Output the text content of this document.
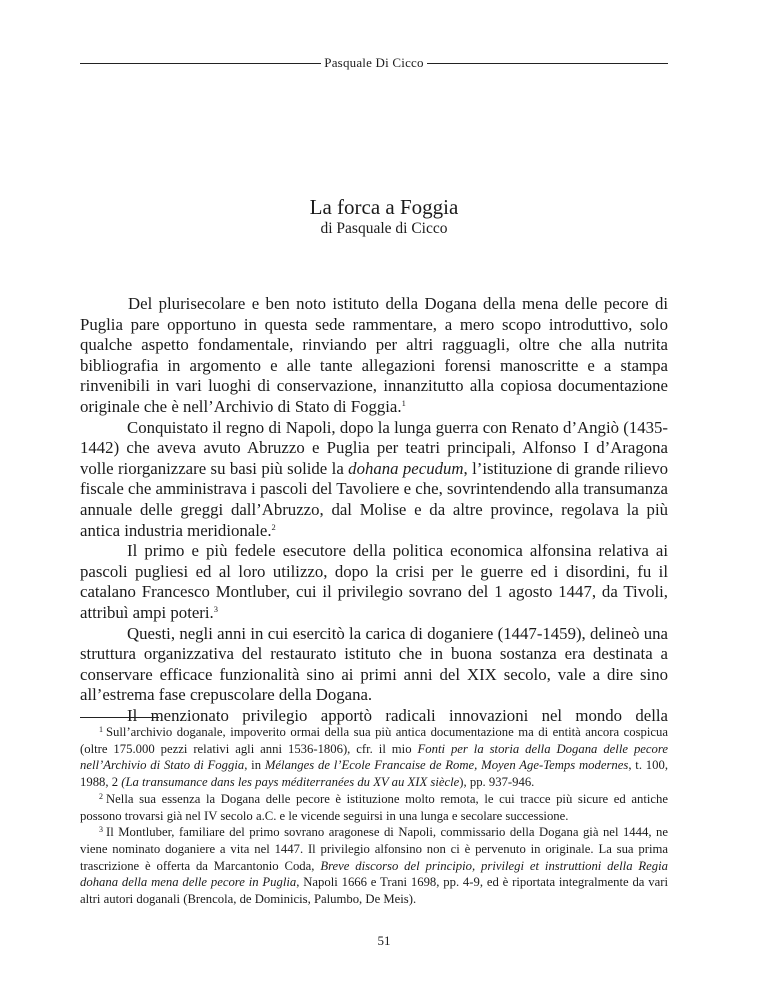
Pasquale Di Cicco
La forca a Foggia
di Pasquale di Cicco

Del plurisecolare e ben noto istituto della Dogana della mena delle pecore di Puglia pare opportuno in questa sede rammentare, a mero scopo introduttivo, solo qualche aspetto fondamentale, rinviando per altri ragguagli, oltre che alla nutrita bibliografia in argomento e alle tante allegazioni forensi manoscritte e a stampa rinvenibili in vari luoghi di conservazione, innanzitutto alla copiosa documentazione originale che è nell’Archivio di Stato di Foggia.$^1$

Conquistato il regno di Napoli, dopo la lunga guerra con Renato d’Angiò (1435-1442) che aveva avuto Abruzzo e Puglia per teatri principali, Alfonso I d’Aragona volle riorganizzare su basi più solide la dohana pecudum, l’istituzione di grande rilievo fiscale che amministrava i pascoli del Tavoliere e che, sovrintendendo alla transumanza annuale delle greggi dall’Abruzzo, dal Molise e da altre province, regolava la più antica industria meridionale.$^2$

Il primo e più fedele esecutore della politica economica alfonsina relativa ai pascoli pugliesi ed al loro utilizzo, dopo la crisi per le guerre ed i disordini, fu il catalano Francesco Montluber, cui il privilegio sovrano del 1 agosto 1447, da Tivoli, attribuì ampi poteri.$^3$

Questi, negli anni in cui esercitò la carica di doganiere (1447-1459), delineò una struttura organizzativa del restaurato istituto che in buona sostanza era destinata a conservare efficace funzionalità sino ai primi anni del XIX secolo, vale a dire sino all’estrema fase crepuscolare della Dogana.

Il menzionato privilegio apportò radicali innovazioni nel mondo della

$^1$ Sull’archivio doganale, impoverito ormai della sua più antica documentazione ma di entità ancora cospicua (oltre 175.000 pezzi relativi agli anni 1536-1806), cfr. il mio Fonti per la storia della Dogana delle pecore nell’Archivio di Stato di Foggia, in Mélanges de l’Ecole Francaise de Rome, Moyen Age-Temps modernes, t. 100, 1988, 2 (La transumance dans les pays méditerranées du XV au XIX siècle), pp. 937-946.

$^2$ Nella sua essenza la Dogana delle pecore è istituzione molto remota, le cui tracce più sicure ed antiche possono trovarsi già nel IV secolo a.C. e le vicende seguirsi in una lunga e secolare successione.

$^3$ Il Montluber, familiare del primo sovrano aragonese di Napoli, commissario della Dogana già nel 1444, ne viene nominato doganiere a vita nel 1447. Il privilegio alfonsino non ci è pervenuto in originale. La sua prima trascrizione è offerta da Marcantonio Coda, Breve discorso del principio, privilegi et instruttioni della Regia dohana della mena delle pecore in Puglia, Napoli 1666 e Trani 1698, pp. 4-9, ed è riportata integralmente da vari altri autori doganali (Brencola, de Dominicis, Palumbo, De Meis).

51
